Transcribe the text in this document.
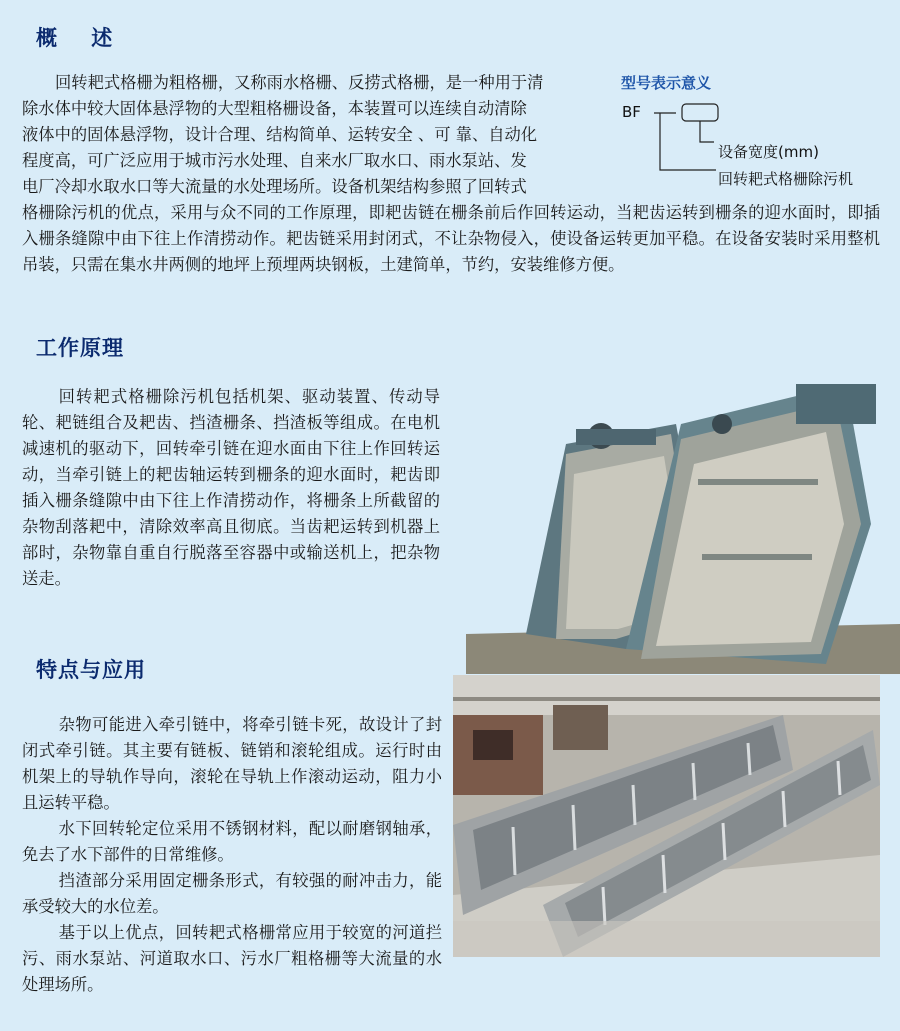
概    述
回转耙式格栅为粗格栅，又称雨水格栅、反捞式格栅，是一种用于清
除水体中较大固体悬浮物的大型粗格栅设备，本装置可以连续自动清除
液体中的固体悬浮物，设计合理、结构简单、运转安全 、可 靠、自动化
程度高，可广泛应用于城市污水处理、自来水厂取水口、雨水泵站、发
电厂冷却水取水口等大流量的水处理场所。设备机架结构参照了回转式

格栅除污机的优点，采用与众不同的工作原理，即耙齿链在栅条前后作回转运动，当耙齿运转到栅条的迎水面时，即插入栅条缝隙中由下往上作清捞动作。耙齿链采用封闭式，不让杂物侵入，使设备运转更加平稳。在设备安装时采用整机吊装，只需在集水井两侧的地坪上预埋两块钢板，土建简单，节约，安装维修方便。

型号表示意义
BF
设备宽度(mm)
回转耙式格栅除污机
工作原理

回转耙式格栅除污机包括机架、驱动装置、传动导轮、耙链组合及耙齿、挡渣栅条、挡渣板等组成。在电机减速机的驱动下，回转牵引链在迎水面由下往上作回转运动，当牵引链上的耙齿轴运转到栅条的迎水面时，耙齿即插入栅条缝隙中由下往上作清捞动作，将栅条上所截留的杂物刮落耙中，清除效率高且彻底。当齿耙运转到机器上部时，杂物靠自重自行脱落至容器中或输送机上，把杂物送走。

特点与应用

杂物可能进入牵引链中，将牵引链卡死，故设计了封闭式牵引链。其主要有链板、链销和滚轮组成。运行时由机架上的导轨作导向，滚轮在导轨上作滚动运动，阻力小且运转平稳。

水下回转轮定位采用不锈钢材料，配以耐磨钢轴承，免去了水下部件的日常维修。

挡渣部分采用固定栅条形式，有较强的耐冲击力，能承受较大的水位差。

基于以上优点，回转耙式格栅常应用于较宽的河道拦污、雨水泵站、河道取水口、污水厂粗格栅等大流量的水处理场所。
